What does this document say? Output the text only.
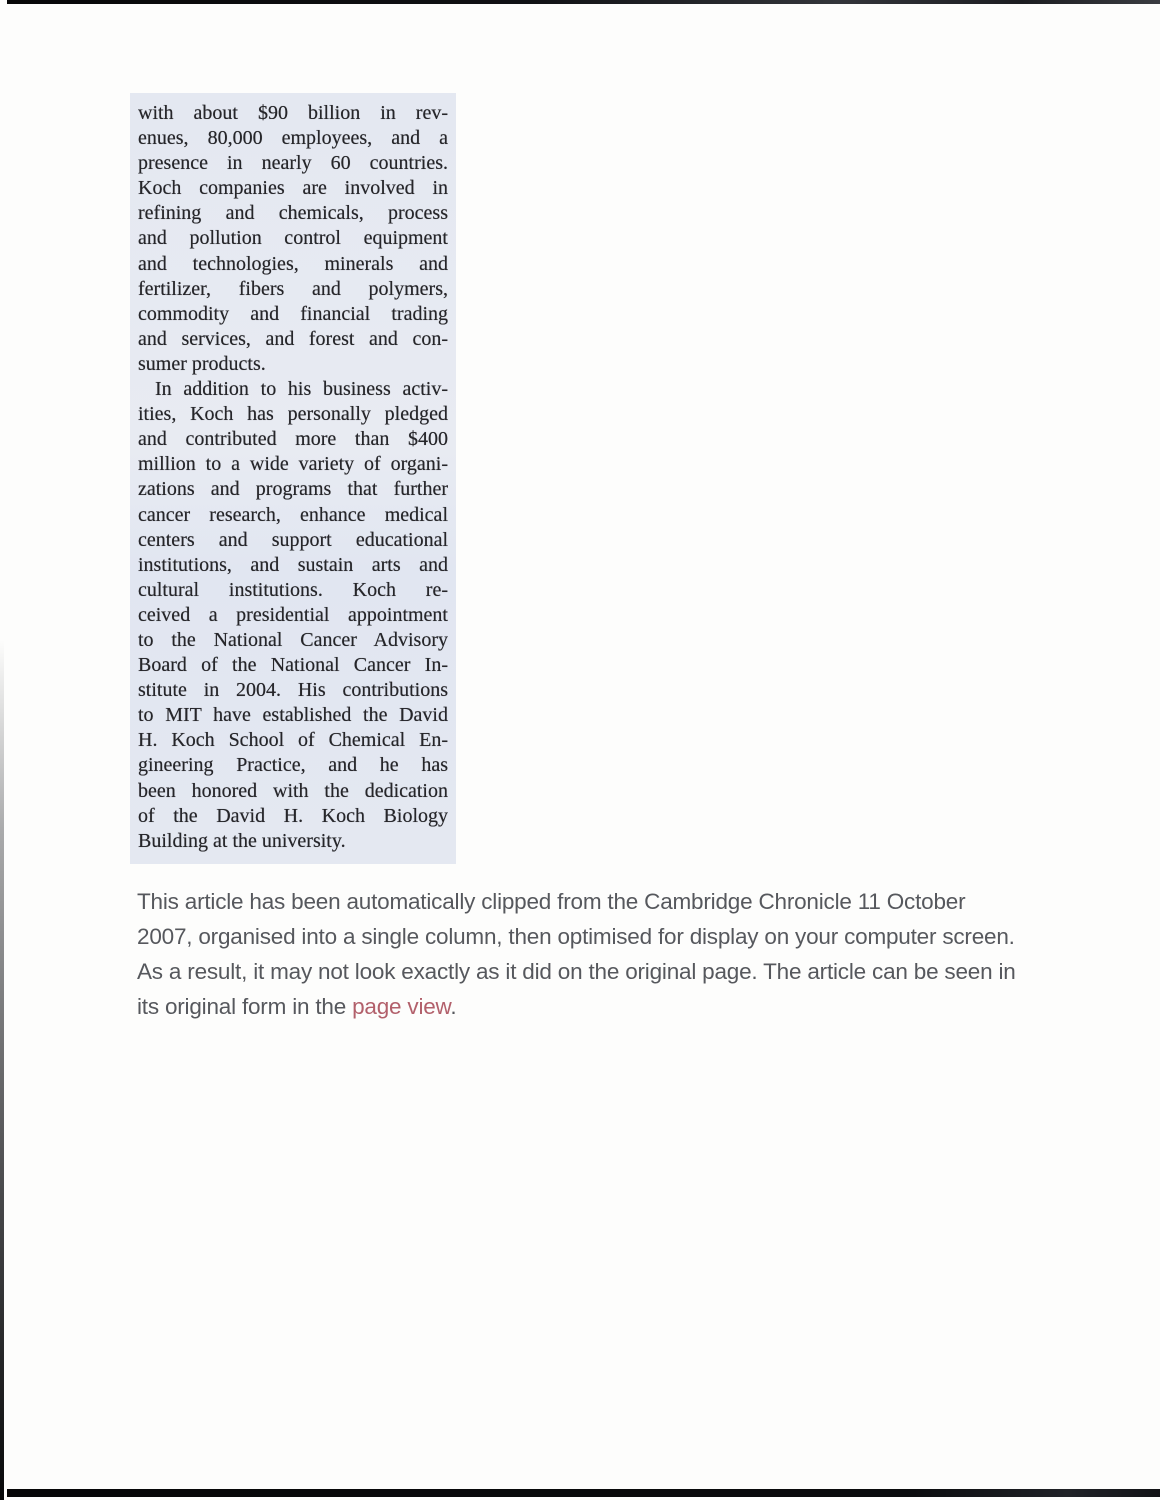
with about $90 billion in rev-
enues, 80,000 employees, and a
presence in nearly 60 countries.
Koch companies are involved in
refining and chemicals, process
and pollution control equipment
and technologies, minerals and
fertilizer, fibers and polymers,
commodity and financial trading
and services, and forest and con-
sumer products.
In addition to his business activ-
ities, Koch has personally pledged
and contributed more than $400
million to a wide variety of organi-
zations and programs that further
cancer research, enhance medical
centers and support educational
institutions, and sustain arts and
cultural institutions. Koch re-
ceived a presidential appointment
to the National Cancer Advisory
Board of the National Cancer In-
stitute in 2004. His contributions
to MIT have established the David
H. Koch School of Chemical En-
gineering Practice, and he has
been honored with the dedication
of the David H. Koch Biology
Building at the university.
This article has been automatically clipped from the Cambridge Chronicle 11 October
2007, organised into a single column, then optimised for display on your computer screen.
As a result, it may not look exactly as it did on the original page. The article can be seen in
its original form in the page view.
